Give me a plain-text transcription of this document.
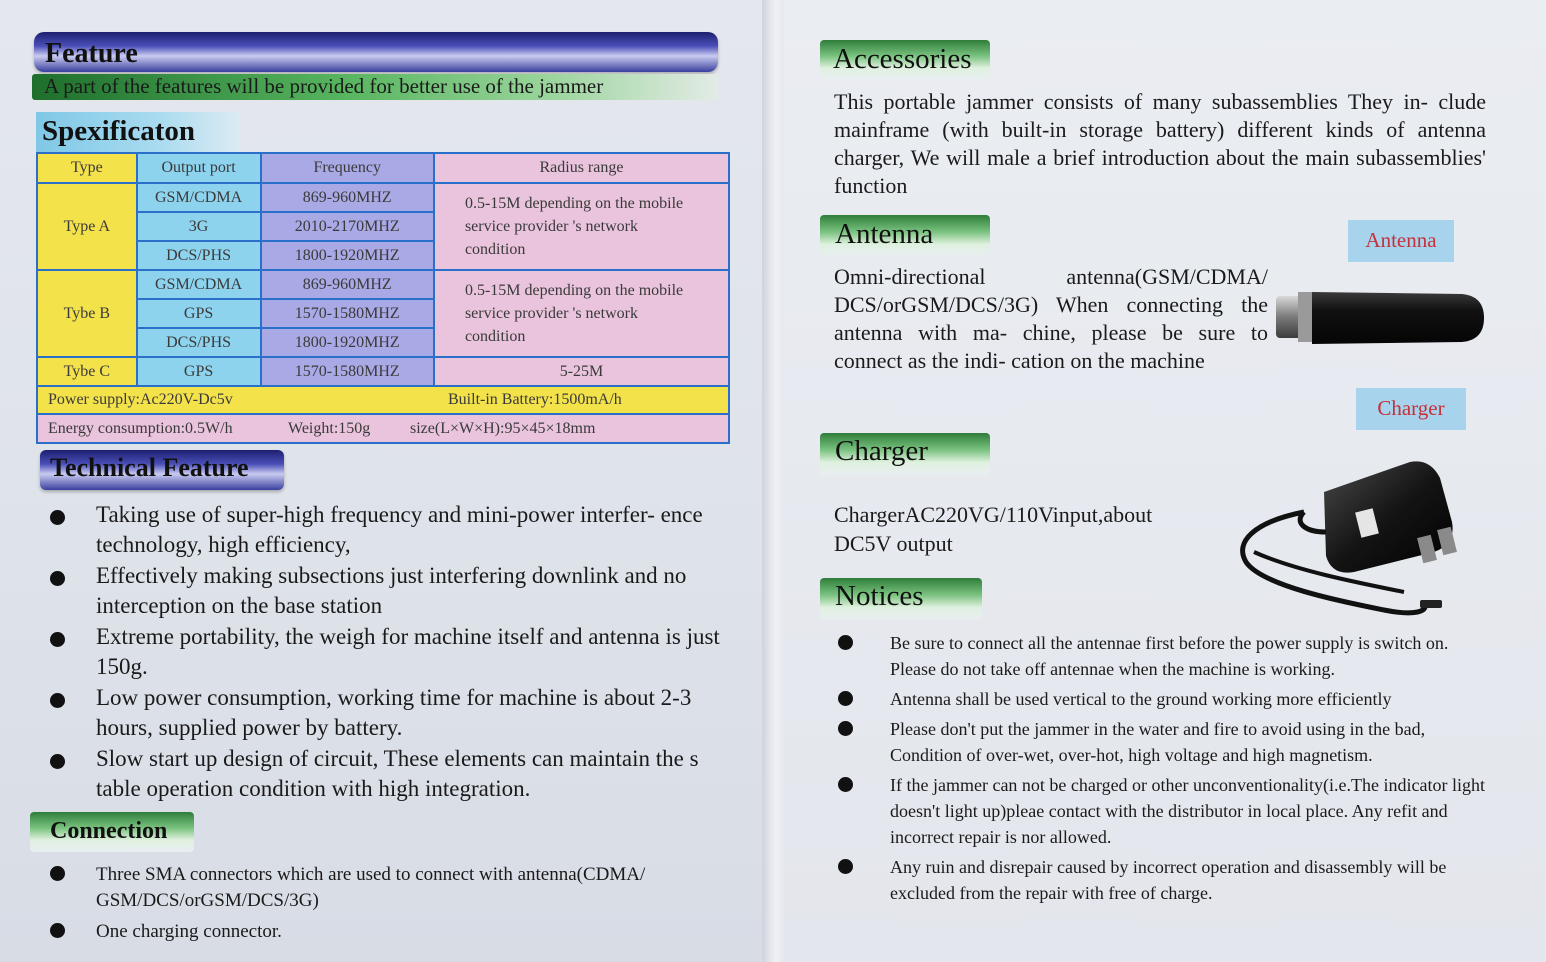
Feature
A part of the features will be provided for better use of the jammer
Spexificaton
Type	Output port	Frequency	Radius range
Type A	GSM/CDMA	869-960MHZ	0.5-15M depending on the mobile service provider 's network condition
	3G	2010-2170MHZ	
	DCS/PHS	1800-1920MHZ	
Tybe B	GSM/CDMA	869-960MHZ	0.5-15M depending on the mobile service provider 's network condition
	GPS	1570-1580MHZ	
	DCS/PHS	1800-1920MHZ	
Tybe C	GPS	1570-1580MHZ	5-25M
Power supply:Ac220V-Dc5v Built-in Battery:1500mA/h			
Energy consumption:0.5W/h Weight:150g size(L×W×H):95×45×18mm			
Technical Feature
Taking use of super-high frequency and mini-power interfer- ence technology, high efficiency,
Effectively making subsections just interfering downlink and no interception on the base station
Extreme portability, the weigh for machine itself and antenna is just 150g.
Low power consumption, working time for machine is about 2-3 hours, supplied power by battery.
Slow start up design of circuit, These elements can maintain the s table operation condition with high integration.
Connection
Three SMA connectors which are used to connect with antenna(CDMA/ GSM/DCS/orGSM/DCS/3G)
One charging connector.
Accessories
This portable jammer consists of many subassemblies They in- clude mainframe (with built-in storage battery) different kinds of antenna charger, We will male a brief introduction about the main subassemblies' function
Antenna
Omni-directional antenna(GSM/CDMA/ DCS/orGSM/DCS/3G) When connecting the antenna with ma- chine, please be sure to connect as the indi- cation on the machine
Antenna
Charger
ChargerAC220VG/110Vinput,about DC5V output
Charger
Notices
Be sure to connect all the antennae first before the power supply is switch on. Please do not take off antennae when the machine is working.
Antenna shall be used vertical to the ground working more efficiently
Please don't put the jammer in the water and fire to avoid using in the bad, Condition of over-wet, over-hot, high voltage and high magnetism.
If the jammer can not be charged or other unconventionality(i.e.The indicator light doesn't light up)pleae contact with the distributor in local place. Any refit and incorrect repair is nor allowed.
Any ruin and disrepair caused by incorrect operation and disassembly will be excluded from the repair with free of charge.
